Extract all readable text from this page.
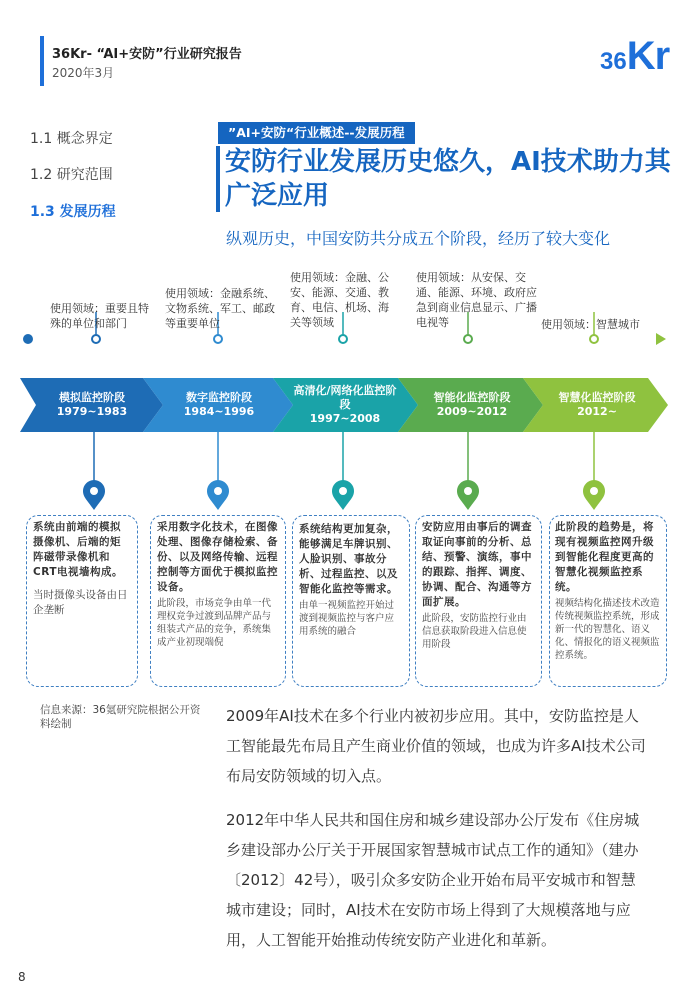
36Kr- “AI+安防”行业研究报告
2020年3月	36Kr
1.1 概念界定
1.2 研究范围
1.3 发展历程
”AI+安防“行业概述--发展历程
安防行业发展历史悠久，AI技术助力其广泛应用
纵观历史，中国安防共分成五个阶段，经历了较大变化
使用领域：重要且特殊的单位和部门
使用领域：金融系统、文物系统、军工、邮政等重要单位
使用领域：金融、公安、能源、交通、教育、电信、机场、海关等领域
使用领域：从安保、交通、能源、环境、政府应急到商业信息显示、广播电视等	使用领域：智慧城市
模拟监控阶段
1979~1983
数字监控阶段
1984~1996
高清化/网络化监控阶段
1997~2008
智能化监控阶段
2009~2012
智慧化监控阶段
2012~
系统由前端的模拟摄像机、后端的矩阵磁带录像机和CRT电视墙构成。
当时摄像头设备由日企垄断
采用数字化技术，在图像处理、图像存储检索、备份、以及网络传输、远程控制等方面优于模拟监控设备。
此阶段，市场竞争由单一代理权竞争过渡到品牌产品与组装式产品的竞争，系统集成产业初现端倪
系统结构更加复杂，能够满足车牌识别、人脸识别、事故分析、过程监控、以及智能化监控等需求。
由单一视频监控开始过渡到视频监控与客户应用系统的融合
安防应用由事后的调查取证向事前的分析、总结、预警、演练，事中的跟踪、指挥、调度、协调、配合、沟通等方面扩展。
此阶段，安防监控行业由信息获取阶段进入信息使用阶段
此阶段的趋势是，将现有视频监控网升级到智能化程度更高的智慧化视频监控系统。
视频结构化描述技术改造传统视频监控系统，形成新一代的智慧化、语义化、情报化的语义视频监控系统。
信息来源：36氪研究院根据公开资料绘制	2009年AI技术在多个行业内被初步应用。其中，安防监控是人工智能最先布局且产生商业价值的领域，也成为许多AI技术公司布局安防领域的切入点。
2012年中华人民共和国住房和城乡建设部办公厅发布《住房城乡建设部办公厅关于开展国家智慧城市试点工作的通知》（建办〔2012〕42号），吸引众多安防企业开始布局平安城市和智慧城市建设；同时，AI技术在安防市场上得到了大规模落地与应用，人工智能开始推动传统安防产业进化和革新。
8
